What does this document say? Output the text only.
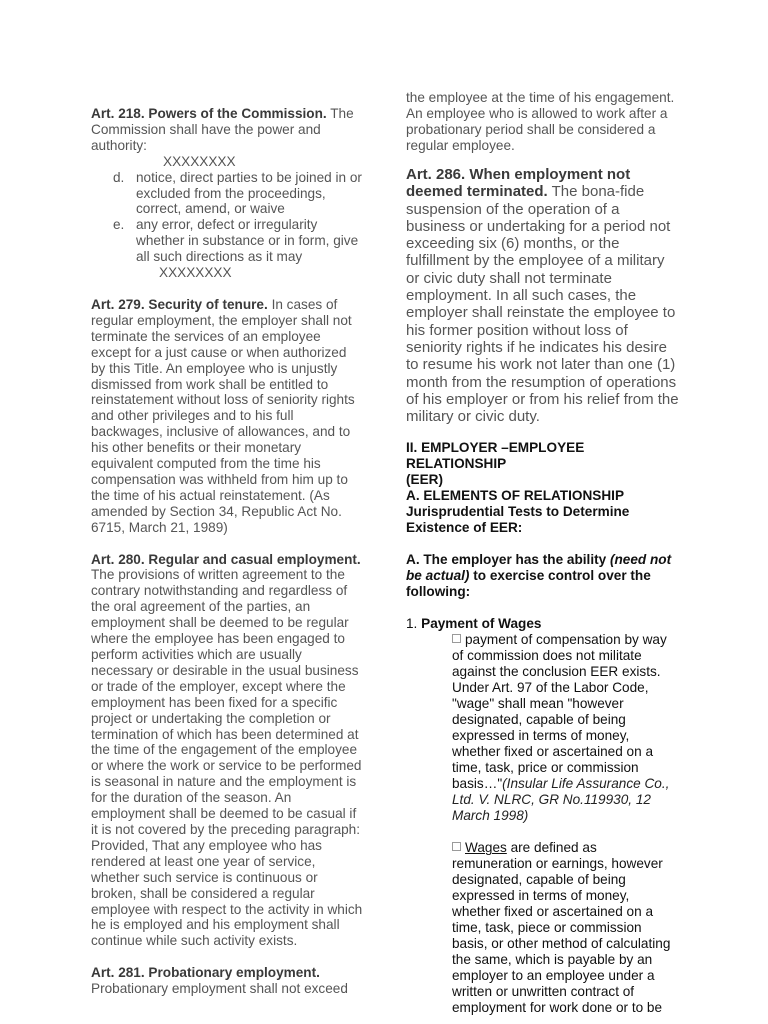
Art. 218. Powers of the Commission. The Commission shall have the power and authority:

XXXXXXXX

d. notice, direct parties to be joined in or excluded from the proceedings, correct, amend, or waive
e. any error, defect or irregularity whether in substance or in form, give all such directions as it may

XXXXXXXX

Art. 279. Security of tenure. In cases of regular employment, the employer shall not terminate the services of an employee except for a just cause or when authorized by this Title. An employee who is unjustly dismissed from work shall be entitled to reinstatement without loss of seniority rights and other privileges and to his full backwages, inclusive of allowances, and to his other benefits or their monetary equivalent computed from the time his compensation was withheld from him up to the time of his actual reinstatement. (As amended by Section 34, Republic Act No. 6715, March 21, 1989)

Art. 280. Regular and casual employment. The provisions of written agreement to the contrary notwithstanding and regardless of the oral agreement of the parties, an employment shall be deemed to be regular where the employee has been engaged to perform activities which are usually necessary or desirable in the usual business or trade of the employer, except where the employment has been fixed for a specific project or undertaking the completion or termination of which has been determined at the time of the engagement of the employee or where the work or service to be performed is seasonal in nature and the employment is for the duration of the season. An employment shall be deemed to be casual if it is not covered by the preceding paragraph: Provided, That any employee who has rendered at least one year of service, whether such service is continuous or broken, shall be considered a regular employee with respect to the activity in which he is employed and his employment shall continue while such activity exists.

Art. 281. Probationary employment. Probationary employment shall not exceed

the employee at the time of his engagement. An employee who is allowed to work after a probationary period shall be considered a regular employee.

Art. 286. When employment not deemed terminated. The bona-fide suspension of the operation of a business or undertaking for a period not exceeding six (6) months, or the fulfillment by the employee of a military or civic duty shall not terminate employment. In all such cases, the employer shall reinstate the employee to his former position without loss of seniority rights if he indicates his desire to resume his work not later than one (1) month from the resumption of operations of his employer or from his relief from the military or civic duty.

II. EMPLOYER –EMPLOYEE RELATIONSHIP

(EER)

A. ELEMENTS OF RELATIONSHIP Jurisprudential Tests to Determine Existence of EER:

A. The employer has the ability (need not be actual) to exercise control over the following:

1. Payment of Wages

payment of compensation by way of commission does not militate against the conclusion EER exists. Under Art. 97 of the Labor Code, "wage" shall mean "however designated, capable of being expressed in terms of money, whether fixed or ascertained on a time, task, price or commission basis…"(Insular Life Assurance Co., Ltd. V. NLRC, GR No.119930, 12 March 1998)

Wages are defined as remuneration or earnings, however designated, capable of being expressed in terms of money, whether fixed or ascertained on a time, task, piece or commission basis, or other method of calculating the same, which is payable by an employer to an employee under a written or unwritten contract of employment for work done or to be
